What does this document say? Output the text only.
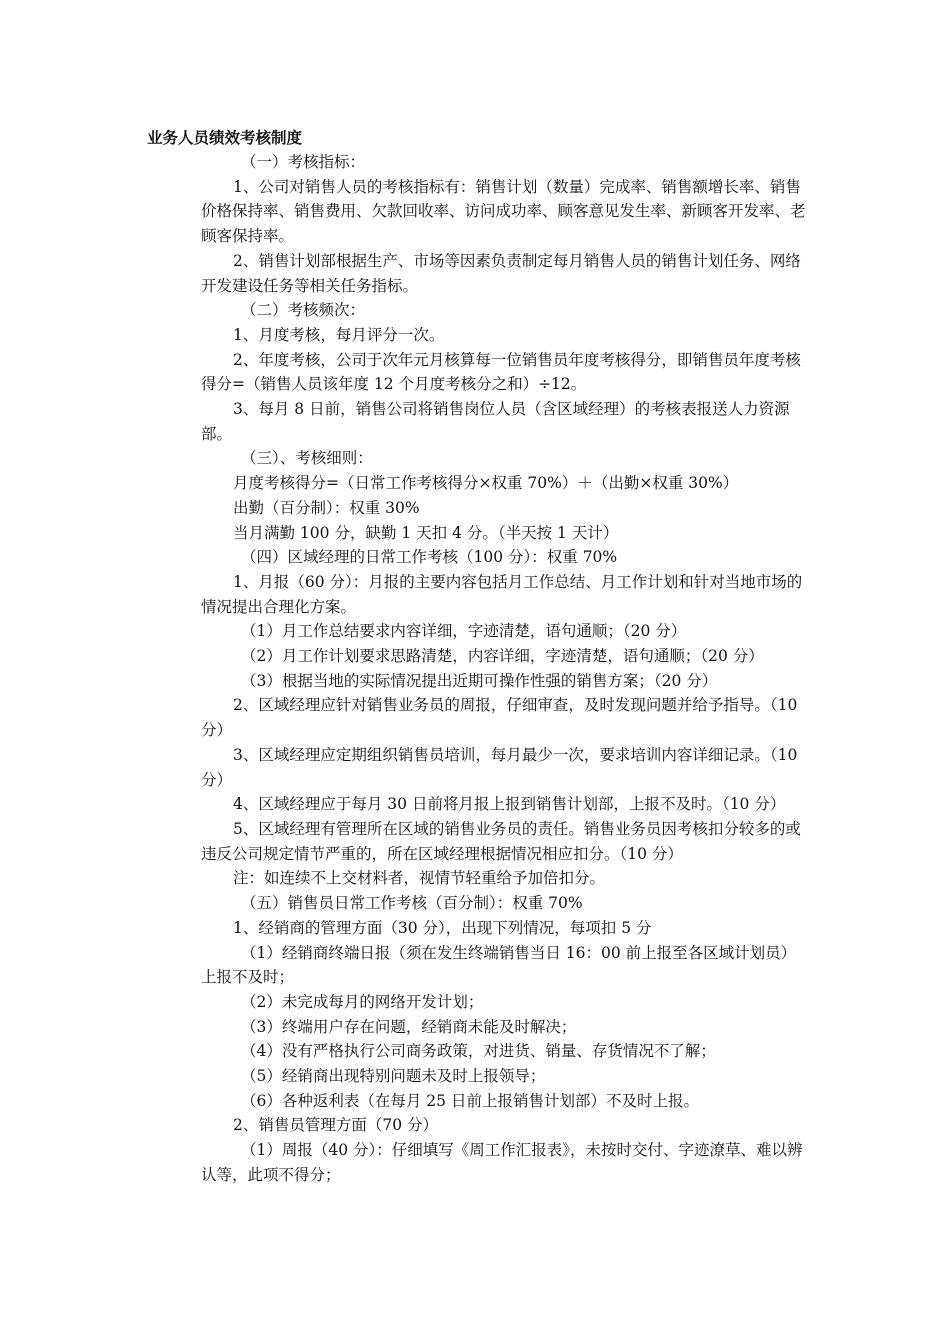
业务人员绩效考核制度

（一）考核指标：

1、公司对销售人员的考核指标有：销售计划（数量）完成率、销售额增长率、销售价格保持率、销售费用、欠款回收率、访问成功率、顾客意见发生率、新顾客开发率、老顾客保持率。

2、销售计划部根据生产、市场等因素负责制定每月销售人员的销售计划任务、网络开发建设任务等相关任务指标。

（二）考核频次：

1、月度考核，每月评分一次。

2、年度考核，公司于次年元月核算每一位销售员年度考核得分，即销售员年度考核得分=（销售人员该年度 12 个月度考核分之和）÷12。

3、每月 8 日前，销售公司将销售岗位人员（含区域经理）的考核表报送人力资源部。

（三）、考核细则：

月度考核得分=（日常工作考核得分×权重 70%）＋（出勤×权重 30%）

出勤（百分制）：权重 30%

当月满勤 100 分，缺勤 1 天扣 4 分。（半天按 1 天计）

（四）区域经理的日常工作考核（100 分）：权重 70%

1、月报（60 分）：月报的主要内容包括月工作总结、月工作计划和针对当地市场的情况提出合理化方案。

（1）月工作总结要求内容详细，字迹清楚，语句通顺；（20 分）

（2）月工作计划要求思路清楚，内容详细，字迹清楚，语句通顺；（20 分）

（3）根据当地的实际情况提出近期可操作性强的销售方案；（20 分）

2、区域经理应针对销售业务员的周报，仔细审查，及时发现问题并给予指导。（10 分）

3、区域经理应定期组织销售员培训，每月最少一次，要求培训内容详细记录。（10 分）

4、区域经理应于每月 30 日前将月报上报到销售计划部，上报不及时。（10 分）

5、区域经理有管理所在区域的销售业务员的责任。销售业务员因考核扣分较多的或违反公司规定情节严重的，所在区域经理根据情况相应扣分。（10 分）

注：如连续不上交材料者，视情节轻重给予加倍扣分。

（五）销售员日常工作考核（百分制）：权重 70%

1、经销商的管理方面（30 分），出现下列情况，每项扣 5 分

（1）经销商终端日报（须在发生终端销售当日 16：00 前上报至各区域计划员）上报不及时；

（2）未完成每月的网络开发计划；

（3）终端用户存在问题，经销商未能及时解决；

（4）没有严格执行公司商务政策，对进货、销量、存货情况不了解；

（5）经销商出现特别问题未及时上报领导；

（6）各种返利表（在每月 25 日前上报销售计划部）不及时上报。

2、销售员管理方面（70 分）

（1）周报（40 分）：仔细填写《周工作汇报表》，未按时交付、字迹潦草、难以辨认等，此项不得分；
